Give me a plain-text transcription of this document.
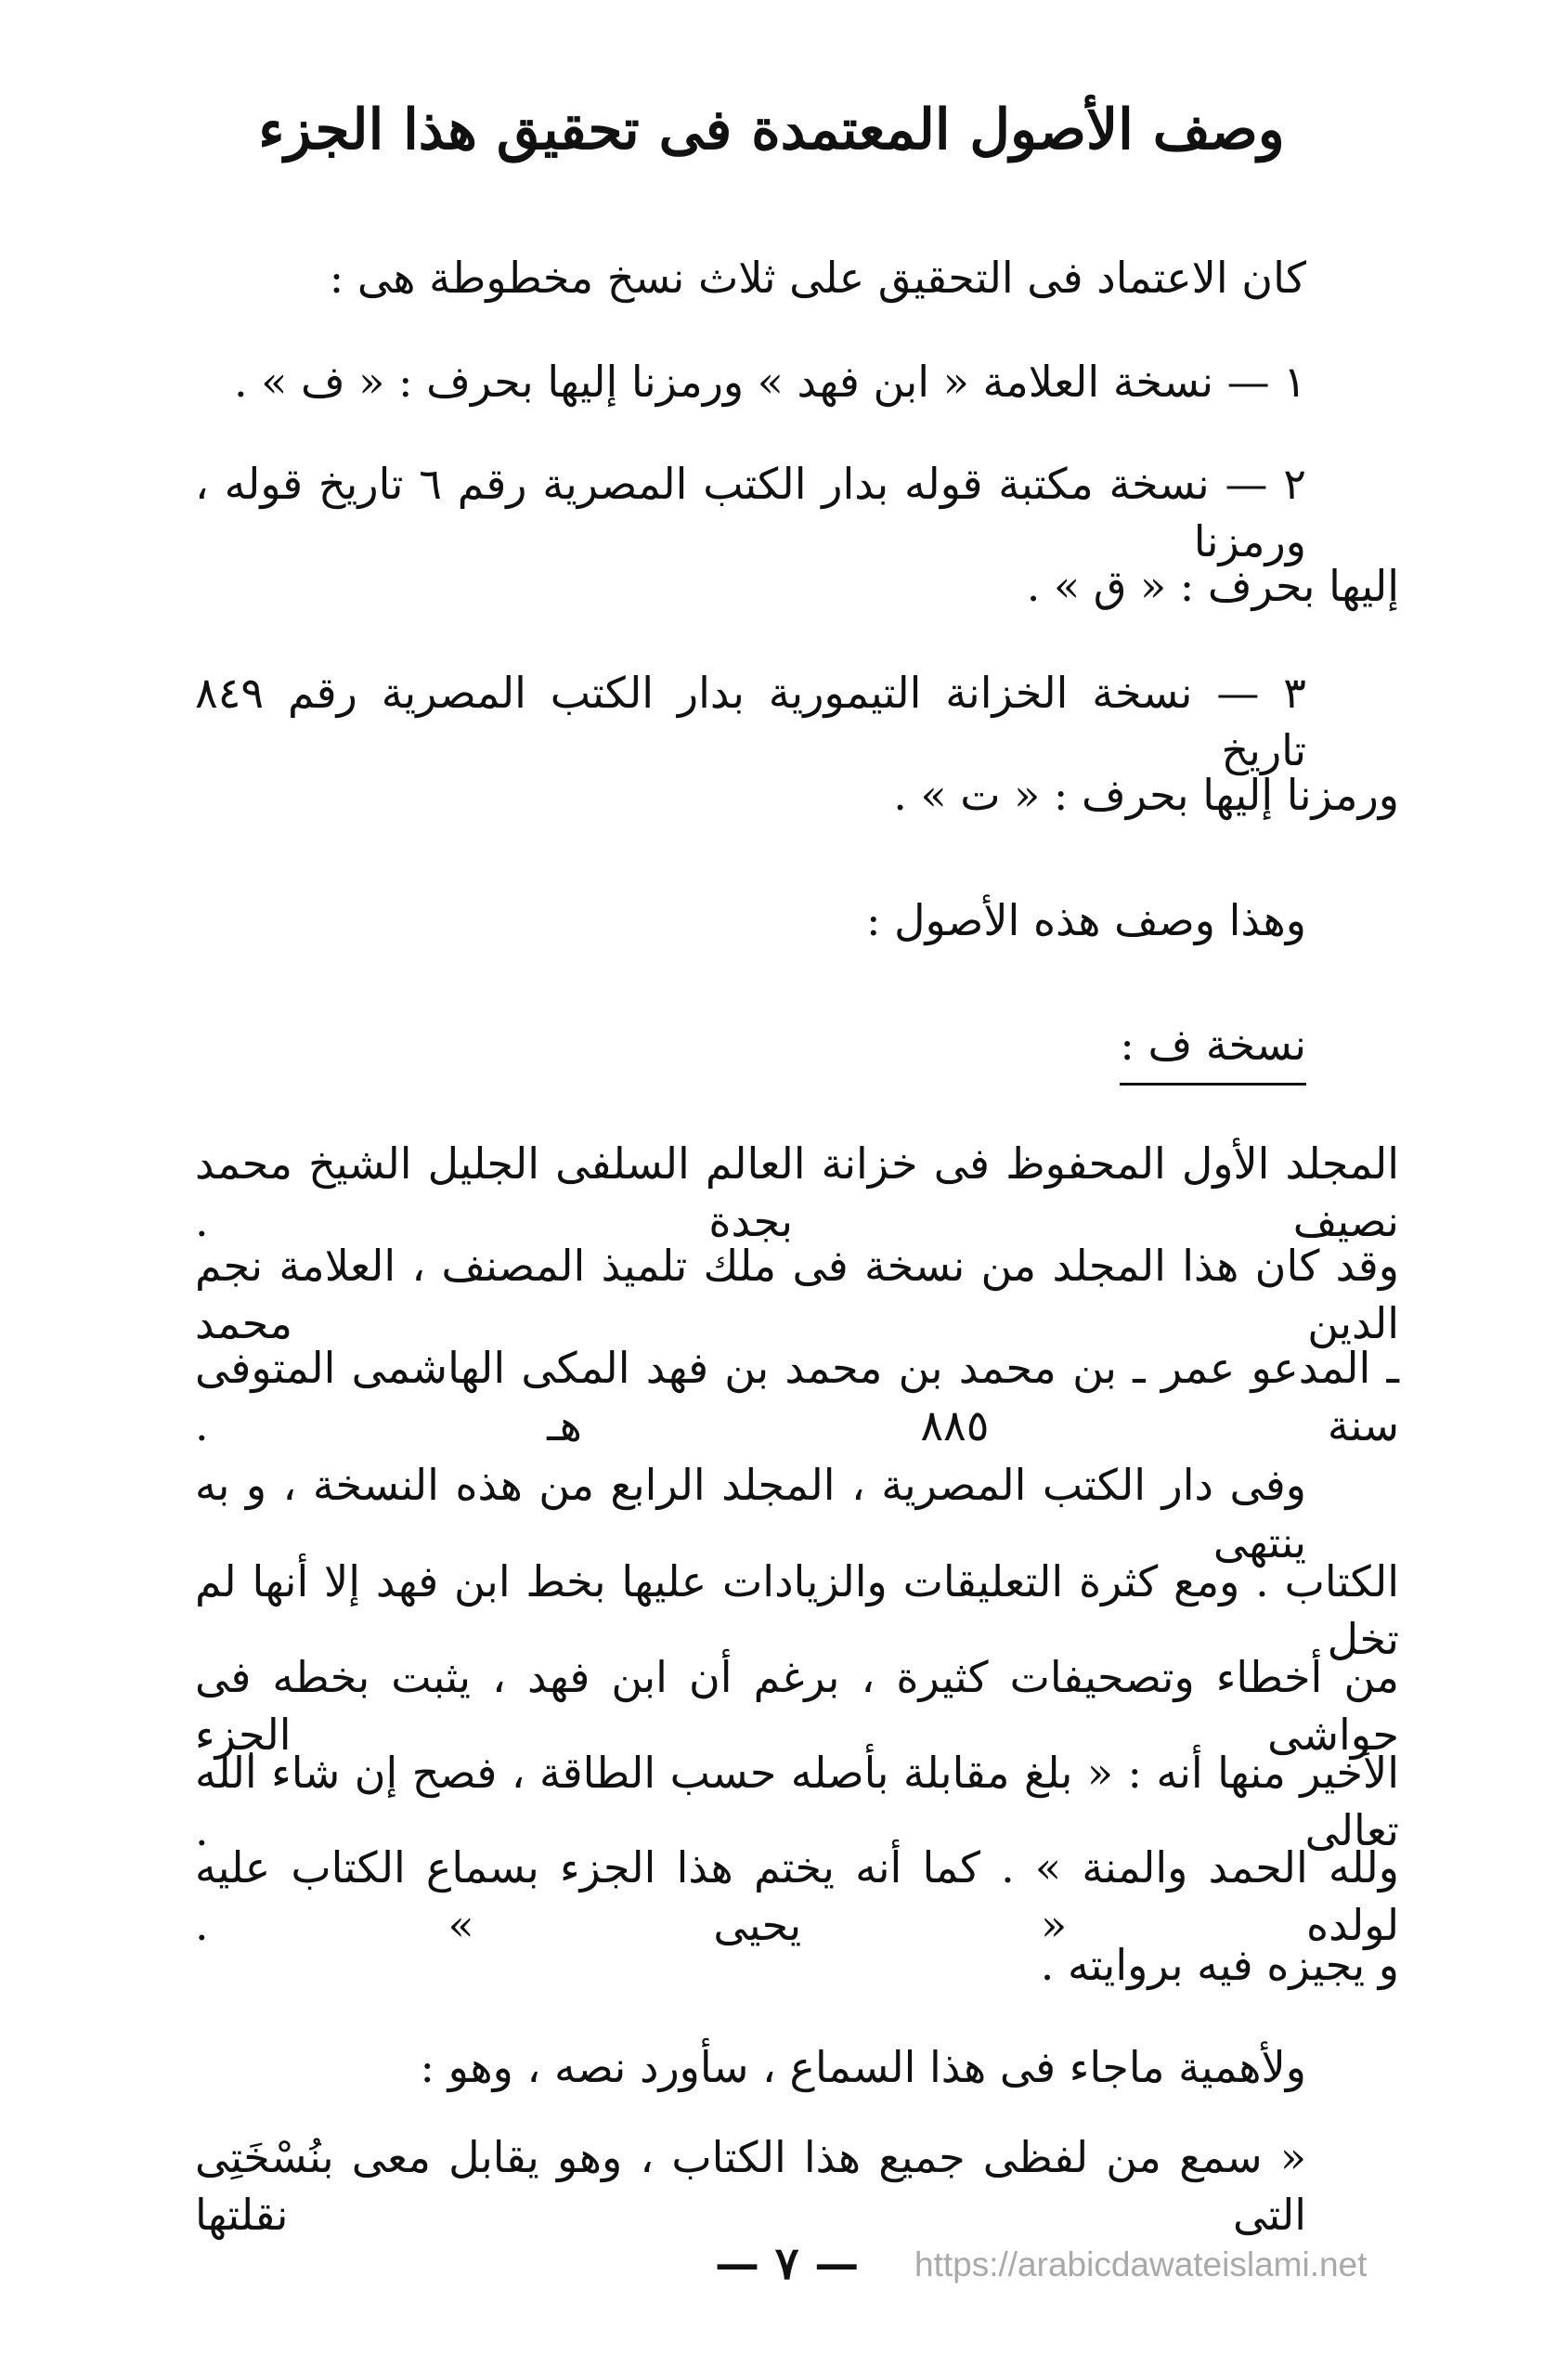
وصف الأصول المعتمدة فى تحقيق هذا الجزء
كان الاعتماد فى التحقيق على ثلاث نسخ مخطوطة هى :
١ — نسخة العلامة « ابن فهد » ورمزنا إليها بحرف : « ف » .
٢ — نسخة مكتبة قوله بدار الكتب المصرية رقم ٦ تاريخ قوله ، ورمزنا
إليها بحرف : « ق » .
٣ — نسخة الخزانة التيمورية بدار الكتب المصرية رقم ٨٤٩ تاريخ
ورمزنا إليها بحرف : « ت » .
وهذا وصف هذه الأصول :
نسخة ف :
المجلد الأول المحفوظ فى خزانة العالم السلفى الجليل الشيخ محمد نصيف بجدة .
وقد كان هذا المجلد من نسخة فى ملك تلميذ المصنف ، العلامة نجم الدين محمد
ـ المدعو عمر ـ بن محمد بن محمد بن فهد المكى الهاشمى المتوفى سنة ٨٨٥ هـ .
وفى دار الكتب المصرية ، المجلد الرابع من هذه النسخة ، و به ينتهى
الكتاب . ومع كثرة التعليقات والزيادات عليها بخط ابن فهد إلا أنها لم تخل
من أخطاء وتصحيفات كثيرة ، برغم أن ابن فهد ، يثبت بخطه فى حواشى الجزء
الأخير منها أنه : « بلغ مقابلة بأصله حسب الطاقة ، فصح إن شاء الله تعالى .
ولله الحمد والمنة » . كما أنه يختم هذا الجزء بسماع الكتاب عليه لولده « يحيى » .
و يجيزه فيه بروايته .
ولأهمية ماجاء فى هذا السماع ، سأورد نصه ، وهو :
« سمع من لفظى جميع هذا الكتاب ، وهو يقابل معى بنُسْخَتِى التى نقلتها
— ٧ — https://arabicdawateislami.net
